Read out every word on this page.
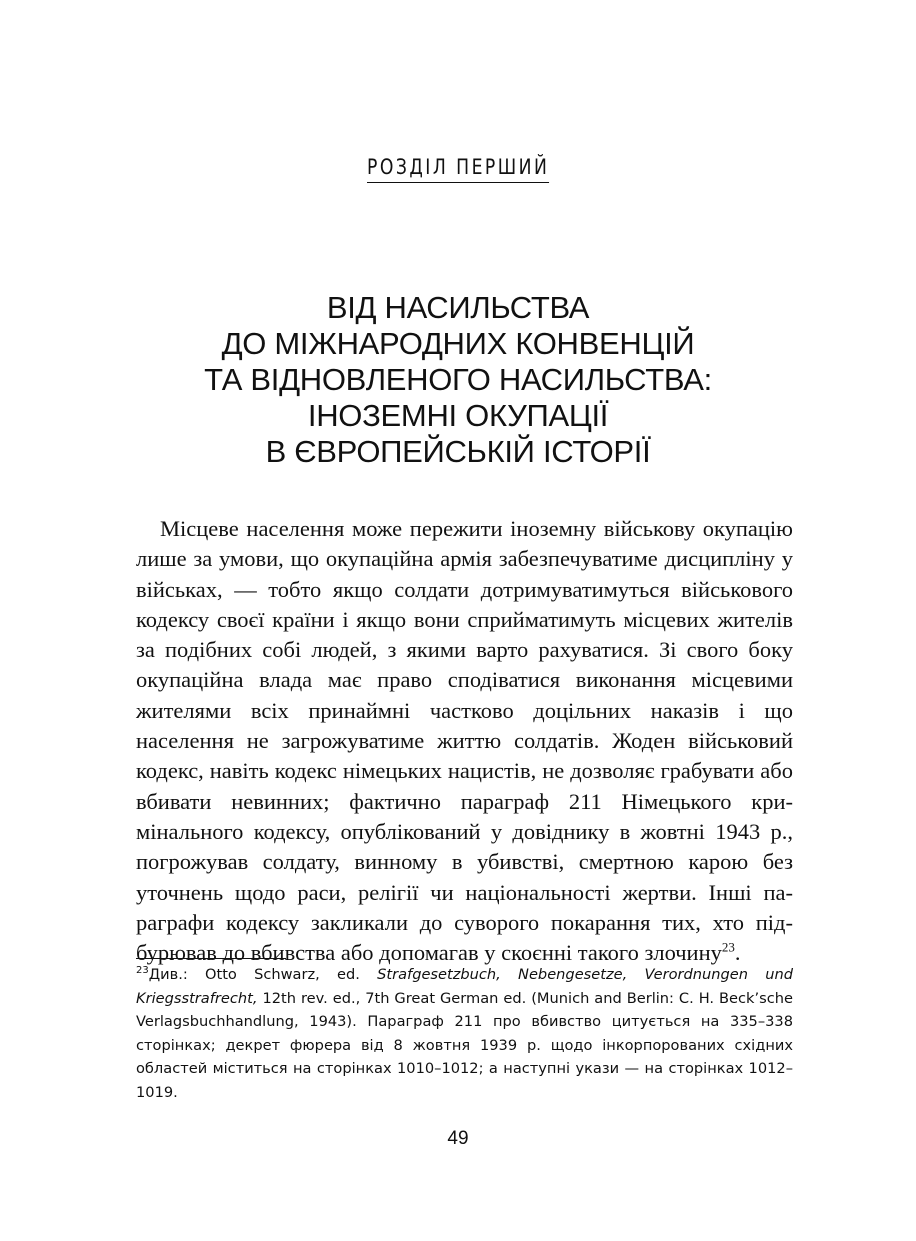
РОЗДІЛ ПЕРШИЙ
ВІД НАСИЛЬСТВА
ДО МІЖНАРОДНИХ КОНВЕНЦІЙ
ТА ВІДНОВЛЕНОГО НАСИЛЬСТВА:
ІНОЗЕМНІ ОКУПАЦІЇ
В ЄВРОПЕЙСЬКІЙ ІСТОРІЇ

Місцеве населення може пережити іноземну військову окупацію лише за умови, що окупаційна армія забезпечуватиме дисципліну у військах, — тобто якщо солдати дотримуватимуться військового кодексу своєї країни і якщо вони сприйматимуть місцевих жителів за подібних собі людей, з якими варто рахуватися. Зі свого боку окупаційна влада має право сподіватися виконання місцевими жителями всіх принаймні частково доцільних наказів і що населення не загрожуватиме життю солдатів. Жоден військовий кодекс, навіть кодекс німецьких нацистів, не дозволяє грабувати або вбивати невинних; фактично параграф 211 Німецького кримінального кодексу, опублікований у довіднику в жовтні 1943 р., погрожував солдату, винному в убивстві, смертною карою без уточнень щодо раси, релігії чи національності жертви. Інші параграфи кодексу закликали до суворого покарання тих, хто підбурював до вбивства або допомагав у скоєнні такого злочину$^{23}$.

$^{23}$Див.: Otto Schwarz, ed. Strafgesetzbuch, Nebengesetze, Verordnungen und Kriegsstrafrecht, 12th rev. ed., 7th Great German ed. (Munich and Berlin: C. H. Beck’sche Verlagsbuchhandlung, 1943). Параграф 211 про вбивство цитується на 335–338 сторінках; декрет фюрера від 8 жовтня 1939 р. щодо інкорпорованих східних областей міститься на сторінках 1010–1012; а наступні укази — на сторінках 1012–1019.

49
